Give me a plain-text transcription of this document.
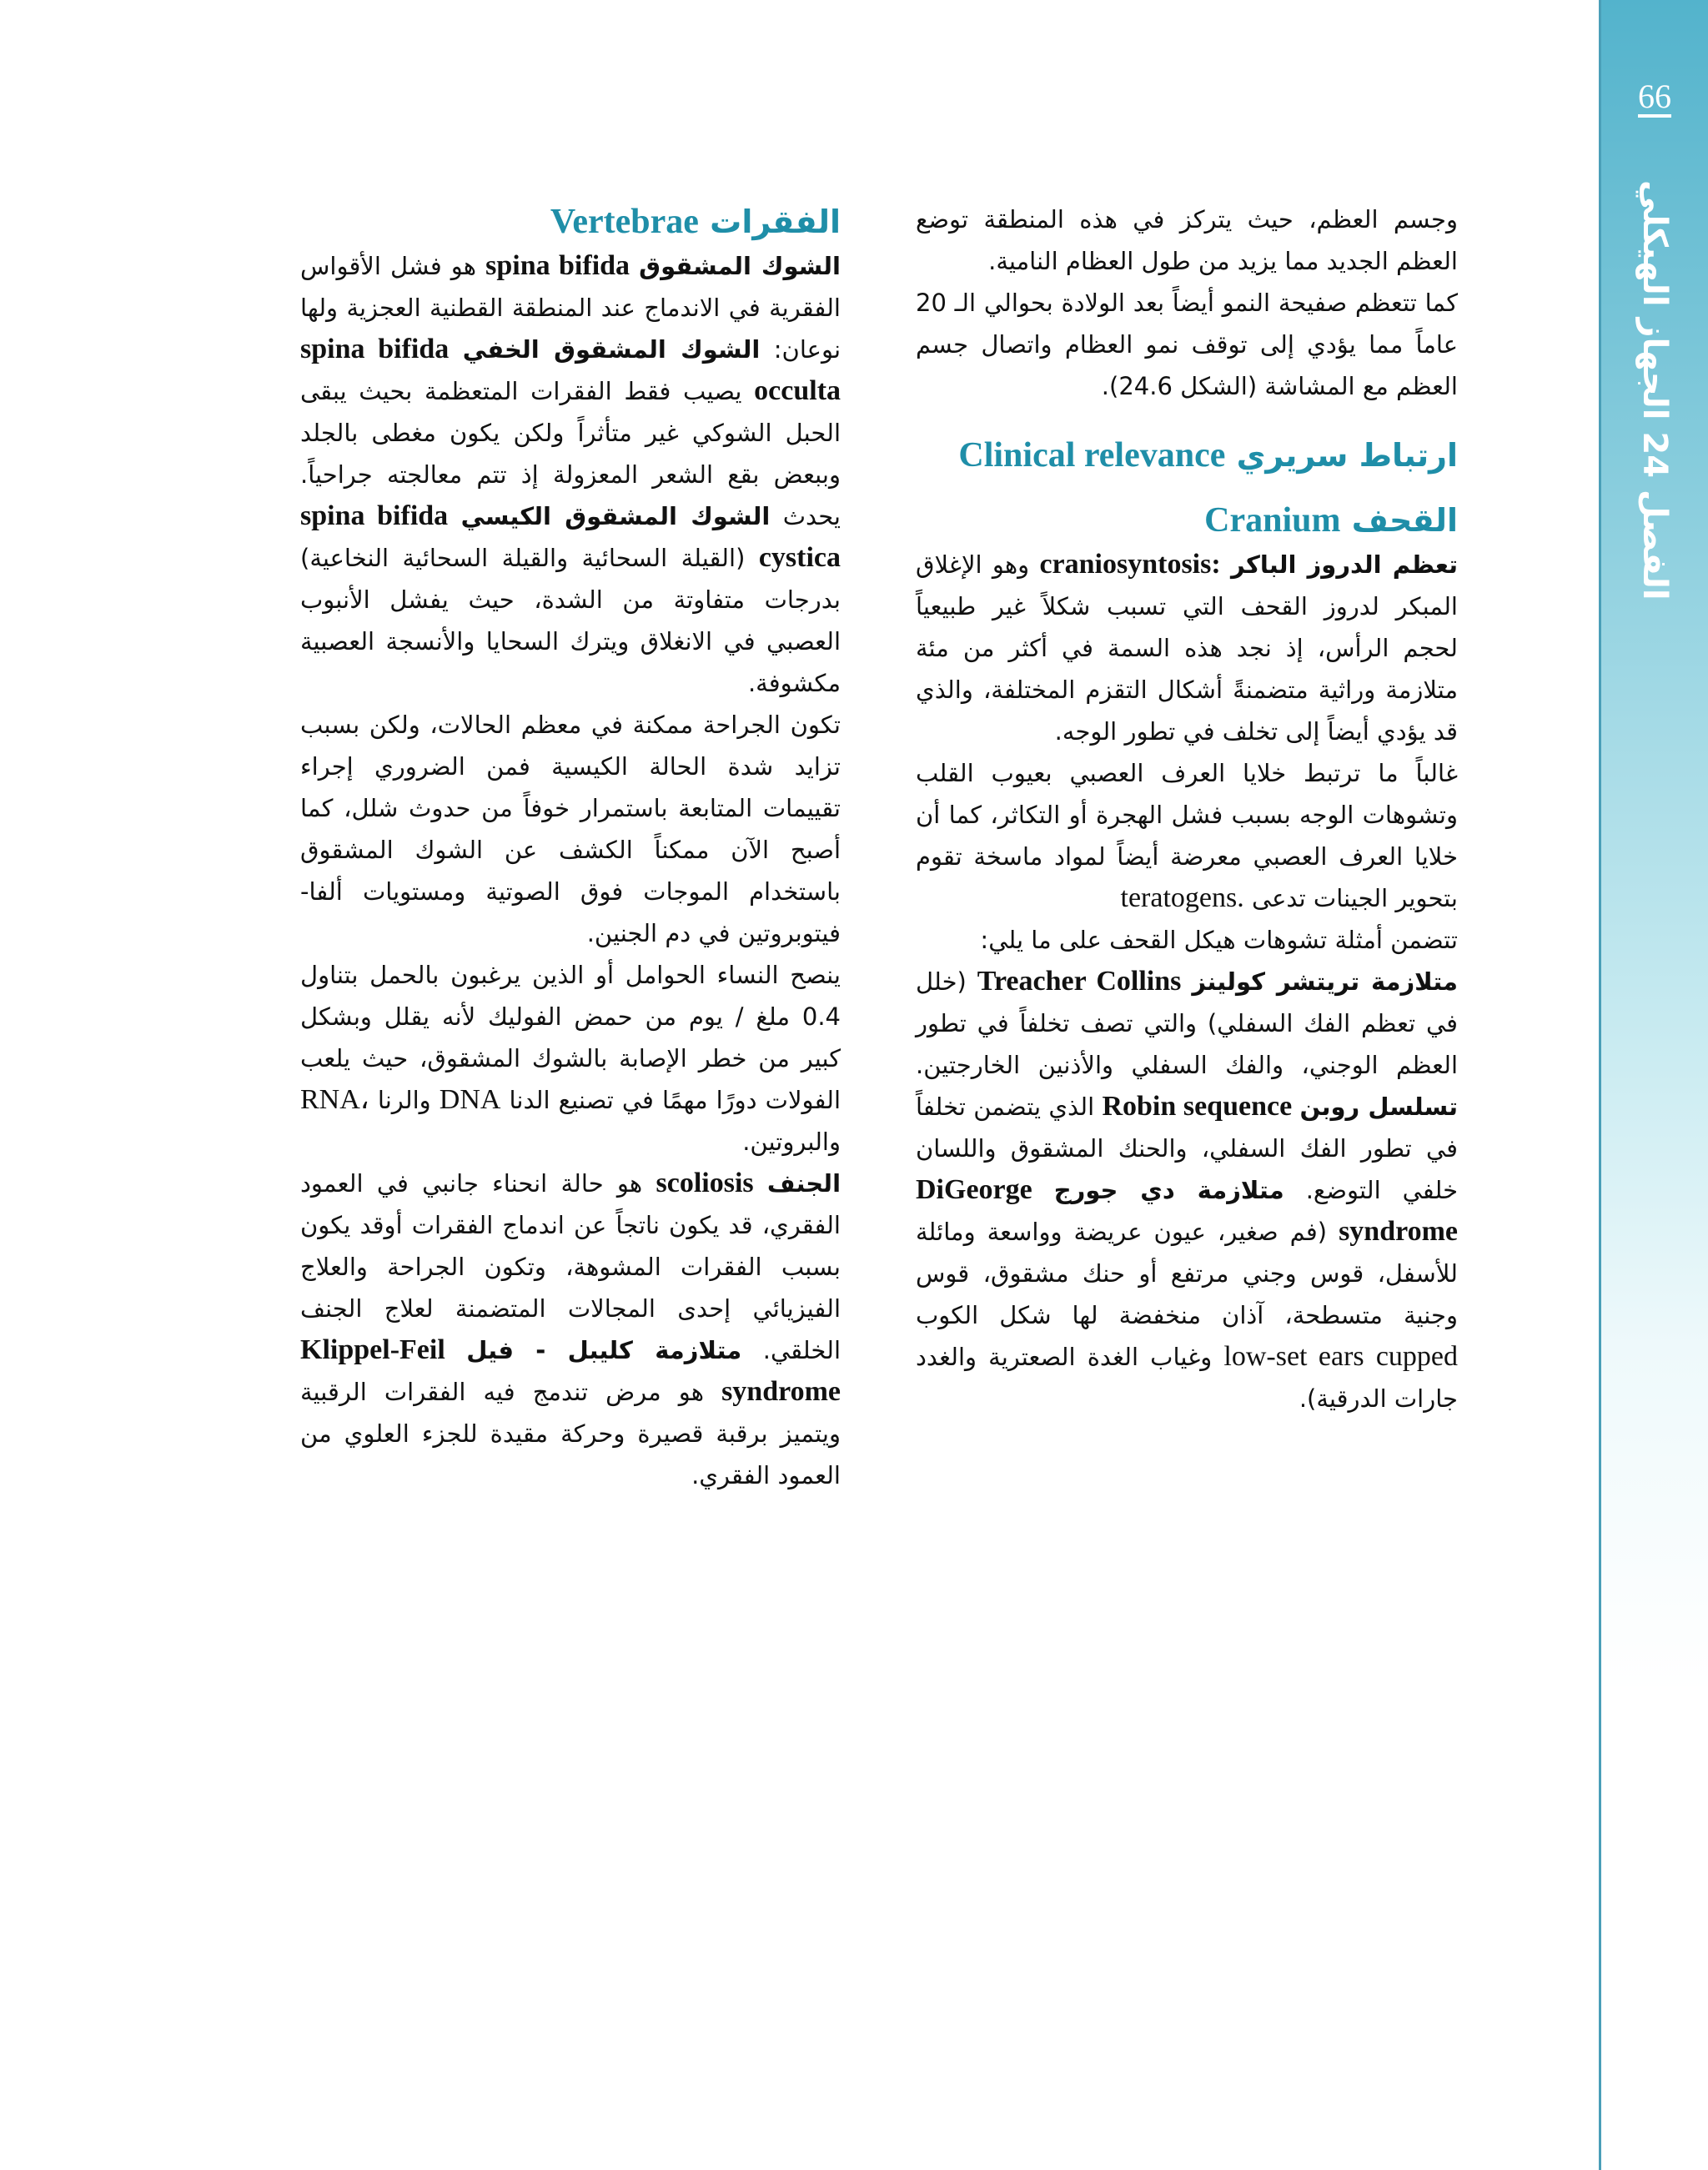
66
الفصل 24 الجهاز الهيكلي

وجسم العظم، حيث يتركز في هذه المنطقة توضع العظم الجديد مما يزيد من طول العظام النامية.

كما تتعظم صفيحة النمو أيضاً بعد الولادة بحوالي الـ 20 عاماً مما يؤدي إلى توقف نمو العظام واتصال جسم العظم مع المشاشة (الشكل 24.6).

ارتباط سريري Clinical relevance

القحف Cranium

تعظم الدروز الباكر craniosyntosis: وهو الإغلاق المبكر لدروز القحف التي تسبب شكلاً غير طبيعياً لحجم الرأس، إذ نجد هذه السمة في أكثر من مئة متلازمة وراثية متضمنةً أشكال التقزم المختلفة، والذي قد يؤدي أيضاً إلى تخلف في تطور الوجه.

غالباً ما ترتبط خلايا العرف العصبي بعيوب القلب وتشوهات الوجه بسبب فشل الهجرة أو التكاثر، كما أن خلايا العرف العصبي معرضة أيضاً لمواد ماسخة تقوم بتحوير الجينات تدعى teratogens.

تتضمن أمثلة تشوهات هيكل القحف على ما يلي:

متلازمة تريتشر كولينز Treacher Collins (خلل في تعظم الفك السفلي) والتي تصف تخلفاً في تطور العظم الوجني، والفك السفلي والأذنين الخارجتين. تسلسل روبن Robin sequence الذي يتضمن تخلفاً في تطور الفك السفلي، والحنك المشقوق واللسان خلفي التوضع. متلازمة دي جورج DiGeorge syndrome (فم صغير، عيون عريضة وواسعة ومائلة للأسفل، قوس وجني مرتفع أو حنك مشقوق، قوس وجنية متسطحة، آذان منخفضة لها شكل الكوب cupped low-set ears وغياب الغدة الصعترية والغدد جارات الدرقية).

الفقرات Vertebrae

الشوك المشقوق spina bifida هو فشل الأقواس الفقرية في الاندماج عند المنطقة القطنية العجزية ولها نوعان: الشوك المشقوق الخفي spina bifida occulta يصيب فقط الفقرات المتعظمة بحيث يبقى الحبل الشوكي غير متأثراً ولكن يكون مغطى بالجلد وببعض بقع الشعر المعزولة إذ تتم معالجته جراحياً. يحدث الشوك المشقوق الكيسي spina bifida cystica (القيلة السحائية والقيلة السحائية النخاعية) بدرجات متفاوتة من الشدة، حيث يفشل الأنبوب العصبي في الانغلاق ويترك السحايا والأنسجة العصبية مكشوفة.

تكون الجراحة ممكنة في معظم الحالات، ولكن بسبب تزايد شدة الحالة الكيسية فمن الضروري إجراء تقييمات المتابعة باستمرار خوفاً من حدوث شلل، كما أصبح الآن ممكناً الكشف عن الشوك المشقوق باستخدام الموجات فوق الصوتية ومستويات ألفا-فيتوبروتين في دم الجنين.

ينصح النساء الحوامل أو الذين يرغبون بالحمل بتناول 0.4 ملغ / يوم من حمض الفوليك لأنه يقلل وبشكل كبير من خطر الإصابة بالشوك المشقوق، حيث يلعب الفولات دورًا مهمًا في تصنيع الدنا DNA والرنا RNA، والبروتين.

الجنف scoliosis هو حالة انحناء جانبي في العمود الفقري، قد يكون ناتجاً عن اندماج الفقرات أوقد يكون بسبب الفقرات المشوهة، وتكون الجراحة والعلاج الفيزيائي إحدى المجالات المتضمنة لعلاج الجنف الخلقي. متلازمة كليبل - فيل Klippel-Feil syndrome هو مرض تندمج فيه الفقرات الرقبية ويتميز برقبة قصيرة وحركة مقيدة للجزء العلوي من العمود الفقري.
